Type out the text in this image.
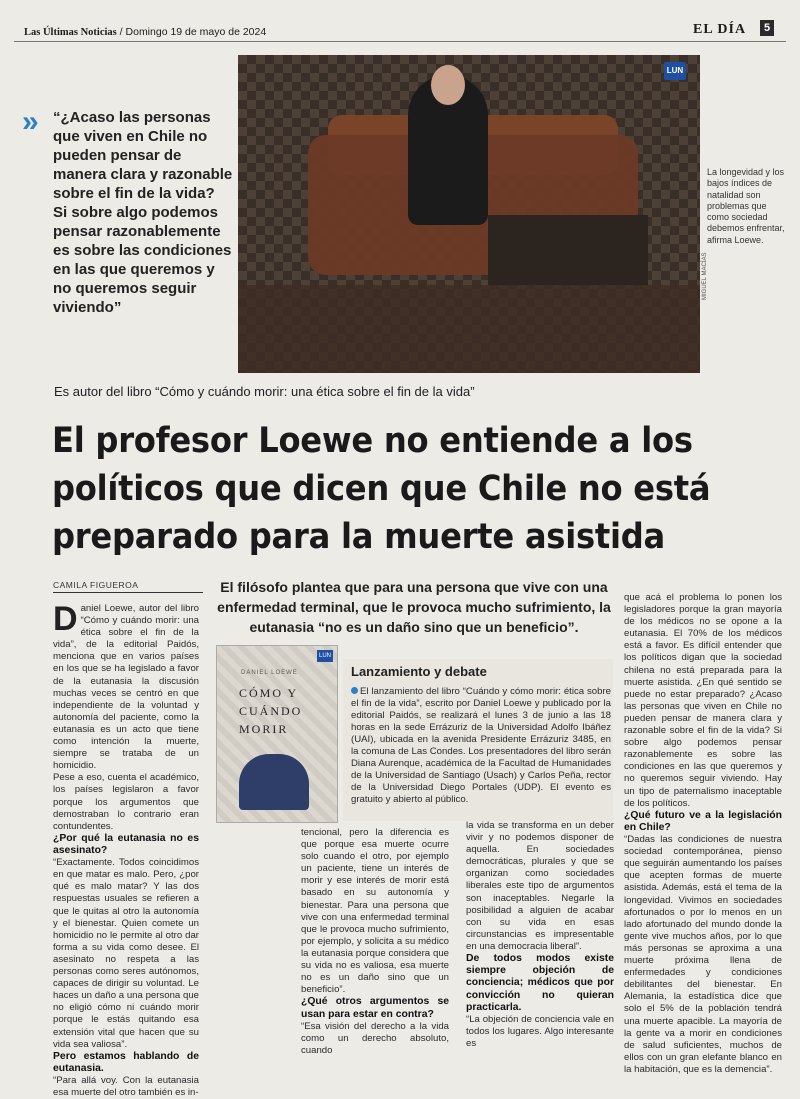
Las Últimas Noticias / Domingo 19 de mayo de 2024	EL DÍA	5
» “¿Acaso las personas que viven en Chile no pueden pensar de manera clara y razonable sobre el fin de la vida? Si sobre algo podemos pensar razonablemente es sobre las condiciones en las que queremos y no queremos seguir viviendo”
LUN
MIGUEL MACÍAS
La longevidad y los bajos índices de natalidad son problemas que como sociedad debemos enfrentar, afirma Loewe.
Es autor del libro “Cómo y cuándo morir: una ética sobre el fin de la vida”
El profesor Loewe no entiende a los políticos que dicen que Chile no está preparado para la muerte asistida
CAMILA FIGUEROA	El filósofo plantea que para una persona que vive con una enfermedad terminal, que le provoca mucho sufrimiento, la eutanasia “no es un daño sino que un beneficio”.

Daniel Loewe, autor del libro “Cómo y cuándo morir: una ética sobre el fin de la vida”, de la editorial Paidós, menciona que en varios países en los que se ha legislado a favor de la eutanasia la discusión muchas veces se centró en que independiente de la voluntad y autonomía del paciente, como la eutanasia es un acto que tiene como intención la muerte, siempre se trataba de un homicidio.

Pese a eso, cuenta el académico, los países legislaron a favor porque los argumentos que demostraban lo contrario eran contundentes.

¿Por qué la eutanasia no es asesinato?

“Exactamente. Todos coincidimos en que matar es malo. Pero, ¿por qué es malo matar? Y las dos respuestas usuales se refieren a que le quitas al otro la autonomía y el bienestar. Quien comete un homicidio no le permite al otro dar forma a su vida como desee. El asesinato no respeta a las personas como seres autónomos, capaces de dirigir su voluntad. Le haces un daño a una persona que no eligió cómo ni cuándo morir porque le estás quitando esa extensión vital que hacen que su vida sea valiosa”.

Pero estamos hablando de eutanasia.

“Para allá voy. Con la eutanasia esa muerte del otro también es in-

LUN
DANIEL LOEWE
CÓMO Y
CUÁNDO
MORIR
Lanzamiento y debate
El lanzamiento del libro “Cuándo y cómo morir: ética sobre el fin de la vida”, escrito por Daniel Loewe y publicado por la editorial Paidós, se realizará el lunes 3 de junio a las 18 horas en la sede Errázuriz de la Universidad Adolfo Ibáñez (UAI), ubicada en la avenida Presidente Errázuriz 3485, en la comuna de Las Condes. Los presentadores del libro serán Diana Aurenque, académica de la Facultad de Humanidades de la Universidad de Santiago (Usach) y Carlos Peña, rector de la Universidad Diego Portales (UDP). El evento es gratuito y abierto al público.

tencional, pero la diferencia es que porque esa muerte ocurre solo cuando el otro, por ejemplo un paciente, tiene un interés de morir y ese interés de morir está basado en su autonomía y bienestar. Para una persona que vive con una enfermedad terminal que le provoca mucho sufrimiento, por ejemplo, y solicita a su médico la eutanasia porque considera que su vida no es valiosa, esa muerte no es un daño sino que un beneficio”.

¿Qué otros argumentos se usan para estar en contra?

“Esa visión del derecho a la vida como un derecho absoluto, cuando

la vida se transforma en un deber vivir y no podemos disponer de aquella. En sociedades democráticas, plurales y que se organizan como sociedades liberales este tipo de argumentos son inaceptables. Negarle la posibilidad a alguien de acabar con su vida en esas circunstancias es impresentable en una democracia liberal”.

De todos modos existe siempre objeción de conciencia; médicos que por convicción no quieran practicarla.

“La objeción de conciencia vale en todos los lugares. Algo interesante es

que acá el problema lo ponen los legisladores porque la gran mayoría de los médicos no se opone a la eutanasia. El 70% de los médicos está a favor. Es difícil entender que los políticos digan que la sociedad chilena no está preparada para la muerte asistida. ¿En qué sentido se puede no estar preparado? ¿Acaso las personas que viven en Chile no pueden pensar de manera clara y razonable sobre el fin de la vida? Si sobre algo podemos pensar razonablemente es sobre las condiciones en las que queremos y no queremos seguir viviendo. Hay un tipo de paternalismo inaceptable de los políticos.

¿Qué futuro ve a la legislación en Chile?

“Dadas las condiciones de nuestra sociedad contemporánea, pienso que seguirán aumentando los países que acepten formas de muerte asistida. Además, está el tema de la longevidad. Vivimos en sociedades afortunados o por lo menos en un lado afortunado del mundo donde la gente vive muchos años, por lo que más personas se aproxima a una muerte próxima llena de enfermedades y condiciones debilitantes del bienestar. En Alemania, la estadística dice que solo el 5% de la población tendrá una muerte apacible. La mayoría de la gente va a morir en condiciones de salud suficientes, muchos de ellos con un gran elefante blanco en la habitación, que es la demencia”.
